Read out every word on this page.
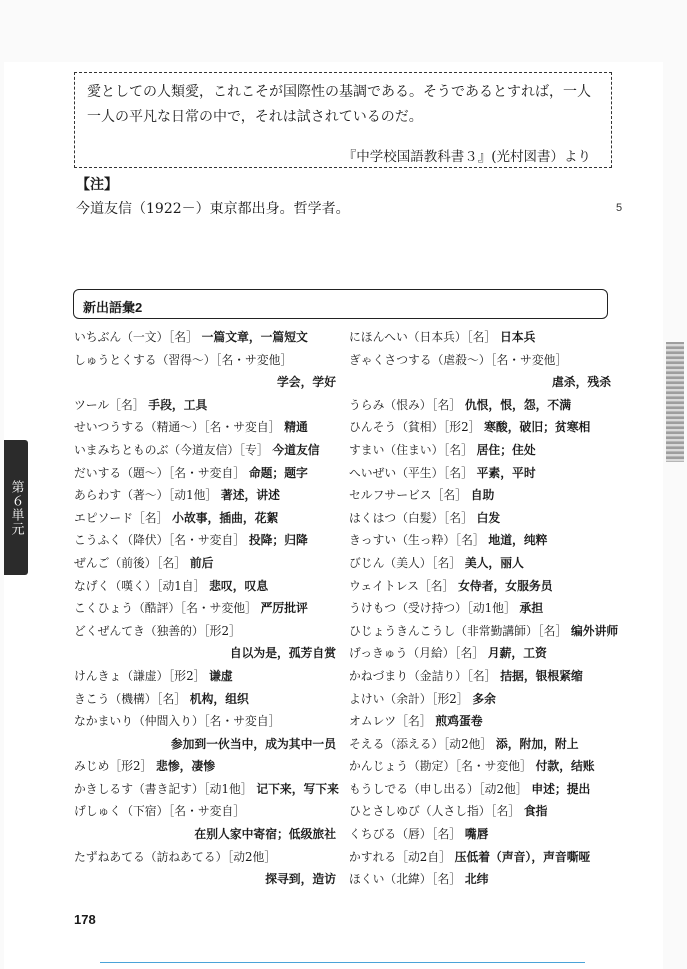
愛としての人類愛，これこそが国際性の基調である。そうであるとすれば，一人
一人の平凡な日常の中で，それは試されているのだ。
『中学校国語教科書３』(光村図書）より
【注】
今道友信（1922－）東京都出身。哲学者。	5
新出語彙2
いちぶん（一文）［名］ 一篇文章，一篇短文
しゅうとくする（習得～）［名・サ変他］
学会，学好
ツール［名］ 手段，工具
せいつうする（精通～）［名・サ変自］ 精通
いまみちとものぶ（今道友信）［专］ 今道友信
だいする（題～）［名・サ変自］ 命题；题字
あらわす（著～）［动1他］ 著述，讲述
エピソード［名］ 小故事，插曲，花絮
こうふく（降伏）［名・サ変自］ 投降；归降
ぜんご（前後）［名］ 前后
なげく（嘆く）［动1自］ 悲叹，叹息
こくひょう（酷評）［名・サ変他］ 严厉批评
どくぜんてき（独善的）［形2］
自以为是，孤芳自赏
けんきょ（謙虚）［形2］ 谦虚
きこう（機構）［名］ 机构，组织
なかまいり（仲間入り）［名・サ変自］
参加到一伙当中，成为其中一员
みじめ［形2］ 悲惨，凄惨
かきしるす（書き記す）［动1他］ 记下来，写下来
げしゅく（下宿）［名・サ変自］
在别人家中寄宿；低级旅社
たずねあてる（訪ねあてる）［动2他］
探寻到，造访
にほんへい（日本兵）［名］ 日本兵
ぎゃくさつする（虐殺～）［名・サ変他］
虐杀，残杀
うらみ（恨み）［名］ 仇恨，恨，怨，不满
ひんそう（貧相）［形2］ 寒酸，破旧；贫寒相
すまい（住まい）［名］ 居住；住处
へいぜい（平生）［名］ 平素，平时
セルフサービス［名］ 自助
はくはつ（白髪）［名］ 白发
きっすい（生っ粋）［名］ 地道，纯粹
びじん（美人）［名］ 美人，丽人
ウェイトレス［名］ 女侍者，女服务员
うけもつ（受け持つ）［动1他］ 承担
ひじょうきんこうし（非常勤講師）［名］ 编外讲师
げっきゅう（月給）［名］ 月薪，工资
かねづまり（金詰り）［名］ 拮据，银根紧缩
よけい（余計）［形2］ 多余
オムレツ［名］ 煎鸡蛋卷
そえる（添える）［动2他］ 添，附加，附上
かんじょう（勘定）［名・サ変他］ 付款，结账
もうしでる（申し出る）［动2他］ 申述；提出
ひとさしゆび（人さし指）［名］ 食指
くちびる（唇）［名］ 嘴唇
かすれる［动2自］ 压低着（声音），声音嘶哑
ほくい（北緯）［名］ 北纬
178
第６単元
